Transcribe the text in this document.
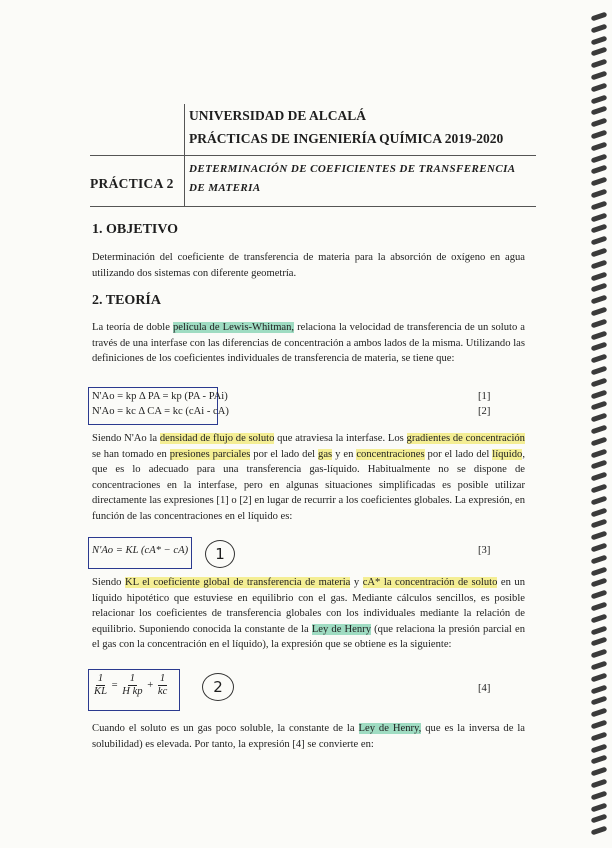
PRÁCTICA 2
UNIVERSIDAD DE ALCALÁ
PRÁCTICAS DE INGENIERÍA QUÍMICA 2019-2020
DETERMINACIÓN DE COEFICIENTES DE TRANSFERENCIA
DE MATERIA
1. OBJETIVO

Determinación del coeficiente de transferencia de materia para la absorción de oxígeno en agua utilizando dos sistemas con diferente geometría.

2. TEORÍA

La teoría de doble película de Lewis-Whitman, relaciona la velocidad de transferencia de un soluto a través de una interfase con las diferencias de concentración a ambos lados de la misma. Utilizando las definiciones de los coeficientes individuales de transferencia de materia, se tiene que:

N'Ao = kp Δ PA = kp (PA - PAi)	[1]
N'Ao = kc Δ CA = kc (cAi - cA)	[2]

Siendo N'Ao la densidad de flujo de soluto que atraviesa la interfase. Los gradientes de concentración se han tomado en presiones parciales por el lado del gas y en concentraciones por el lado del líquido, que es lo adecuado para una transferencia gas-líquido. Habitualmente no se dispone de concentraciones en la interfase, pero en algunas situaciones simplificadas es posible utilizar directamente las expresiones [1] o [2] en lugar de recurrir a los coeficientes globales. La expresión, en función de las concentraciones en el líquido es:

N'Ao = KL (cA* − cA)	[3]
1

Siendo KL el coeficiente global de transferencia de materia y cA* la concentración de soluto en un líquido hipotético que estuviese en equilibrio con el gas. Mediante cálculos sencillos, es posible relacionar los coeficientes de transferencia globales con los individuales mediante la relación de equilibrio. Suponiendo conocida la constante de la Ley de Henry (que relaciona la presión parcial en el gas con la concentración en el líquido), la expresión que se obtiene es la siguiente:

$\frac{1}{KL} = \frac{1}{\text{H kp}} + \frac{1}{kc}$	[4]
2

Cuando el soluto es un gas poco soluble, la constante de la Ley de Henry, que es la inversa de la solubilidad) es elevada. Por tanto, la expresión [4] se convierte en:
